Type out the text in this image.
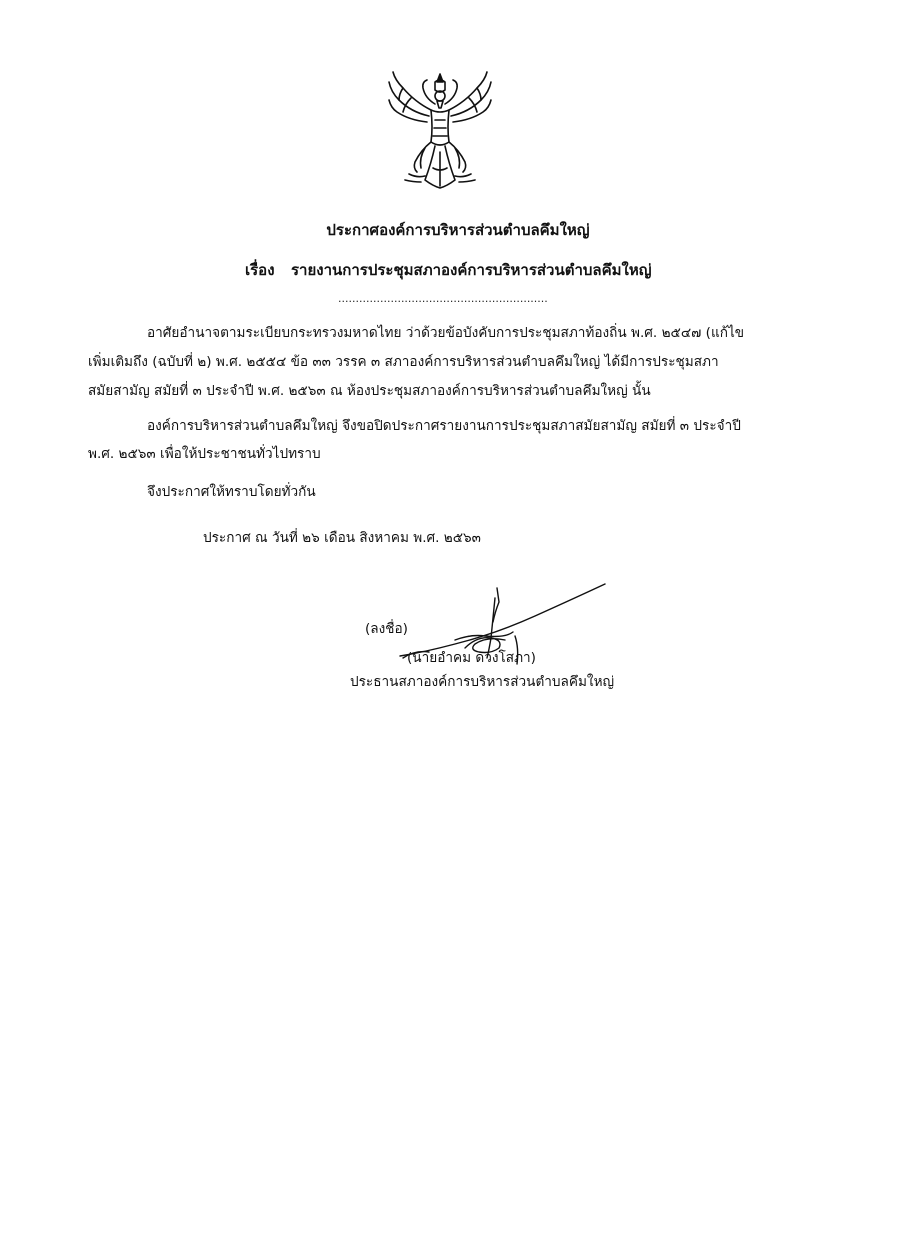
ประกาศองค์การบริหารส่วนตำบลคึมใหญ่
เรื่อง รายงานการประชุมสภาองค์การบริหารส่วนตำบลคึมใหญ่
............................................................
อาศัยอำนาจตามระเบียบกระทรวงมหาดไทย ว่าด้วยข้อบังคับการประชุมสภาท้องถิ่น พ.ศ. ๒๕๔๗ (แก้ไข
เพิ่มเติมถึง (ฉบับที่ ๒) พ.ศ. ๒๕๕๔ ข้อ ๓๓ วรรค ๓ สภาองค์การบริหารส่วนตำบลคึมใหญ่ ได้มีการประชุมสภา
สมัยสามัญ สมัยที่ ๓ ประจำปี พ.ศ. ๒๕๖๓ ณ ห้องประชุมสภาองค์การบริหารส่วนตำบลคึมใหญ่ นั้น
องค์การบริหารส่วนตำบลคึมใหญ่ จึงขอปิดประกาศรายงานการประชุมสภาสมัยสามัญ สมัยที่ ๓ ประจำปี
พ.ศ. ๒๕๖๓ เพื่อให้ประชาชนทั่วไปทราบ
จึงประกาศให้ทราบโดยทั่วกัน
ประกาศ ณ วันที่ ๒๖ เดือน สิงหาคม พ.ศ. ๒๕๖๓
(ลงชื่อ)
(นายอำคม ดวงโสภา)
ประธานสภาองค์การบริหารส่วนตำบลคึมใหญ่
